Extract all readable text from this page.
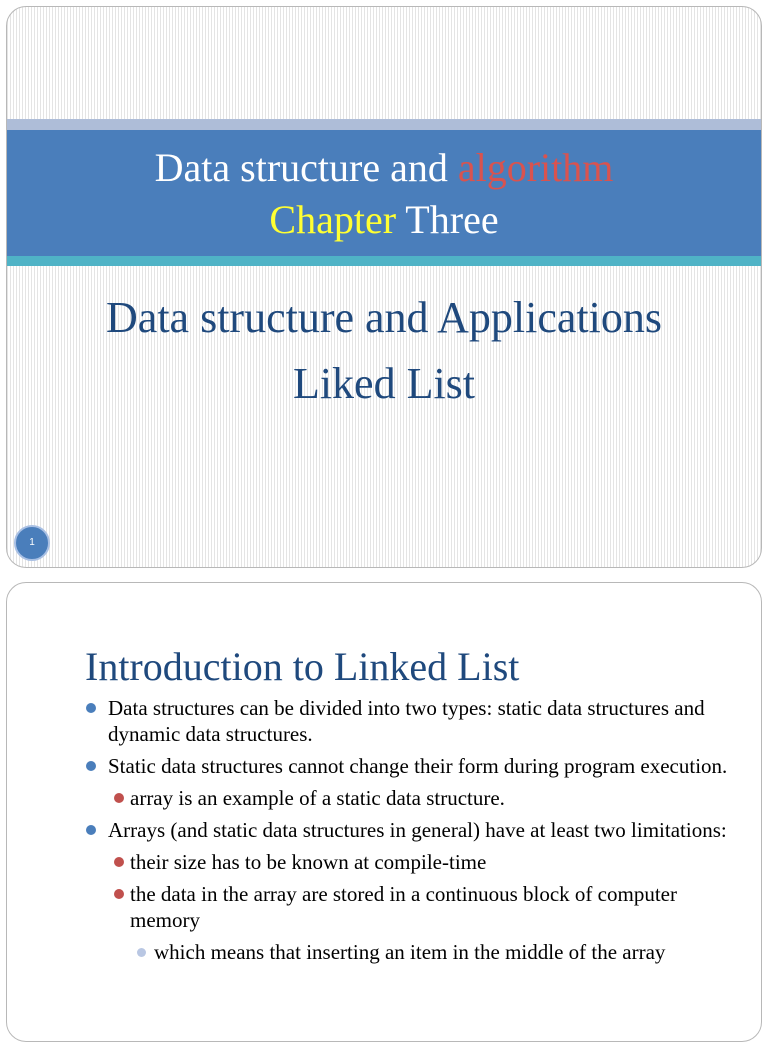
Data structure and algorithm
Chapter Three
Data structure and Applications
Liked List
1
Introduction to Linked List
Data structures can be divided into two types: static data structures and dynamic data structures.
Static data structures cannot change their form during program execution.
array is an example of a static data structure.
Arrays (and static data structures in general) have at least two limitations:
their size has to be known at compile-time
the data in the array are stored in a continuous block of computer memory
which means that inserting an item in the middle of the array
